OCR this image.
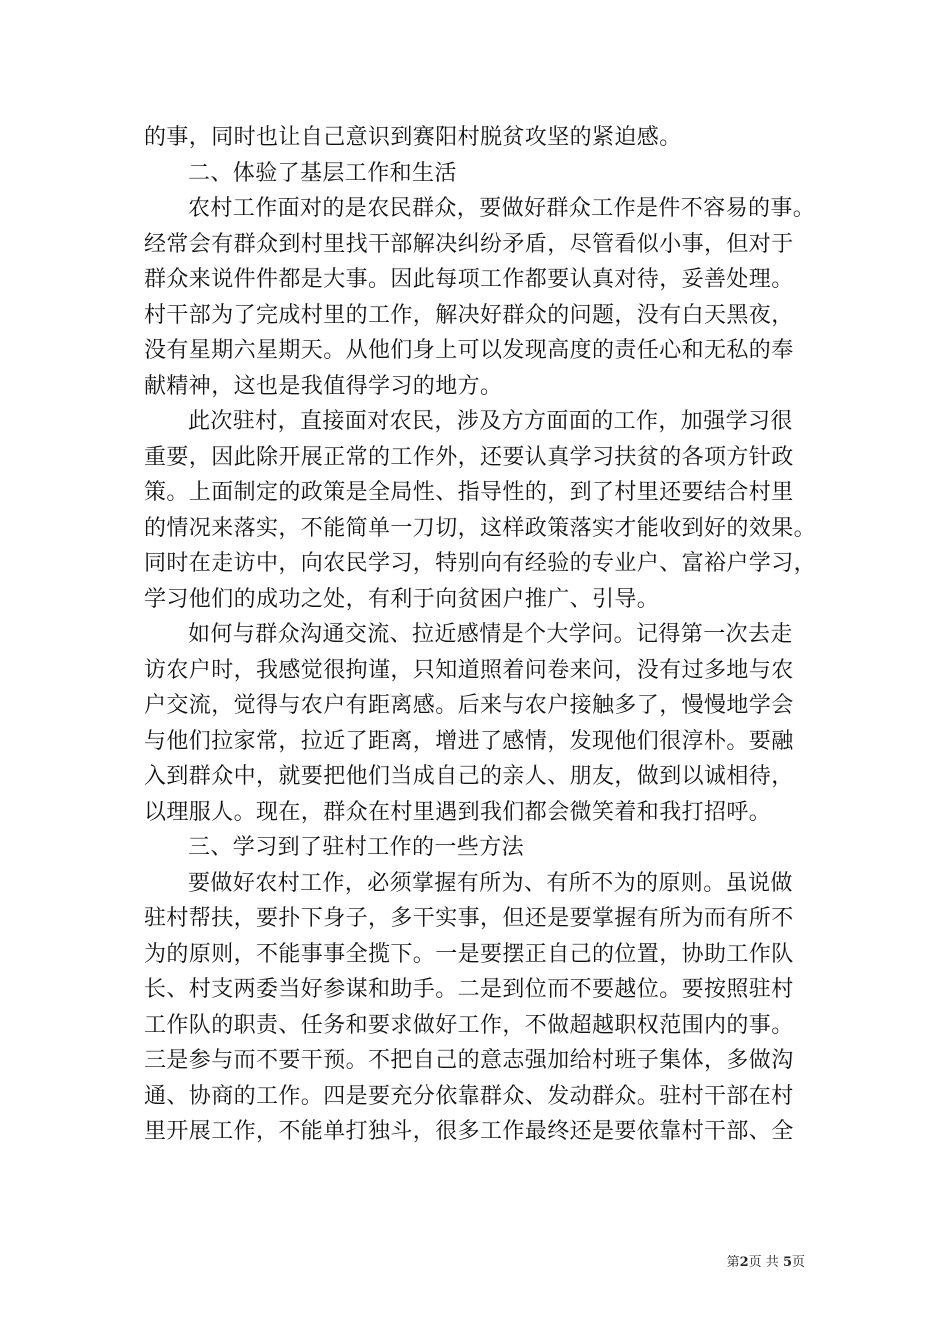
的事，同时也让自己意识到赛阳村脱贫攻坚的紧迫感。
二、体验了基层工作和生活
农村工作面对的是农民群众，要做好群众工作是件不容易的事。
经常会有群众到村里找干部解决纠纷矛盾，尽管看似小事，但对于
群众来说件件都是大事。因此每项工作都要认真对待，妥善处理。
村干部为了完成村里的工作，解决好群众的问题，没有白天黑夜，
没有星期六星期天。从他们身上可以发现高度的责任心和无私的奉
献精神，这也是我值得学习的地方。
此次驻村，直接面对农民，涉及方方面面的工作，加强学习很
重要，因此除开展正常的工作外，还要认真学习扶贫的各项方针政
策。上面制定的政策是全局性、指导性的，到了村里还要结合村里
的情况来落实，不能简单一刀切，这样政策落实才能收到好的效果。
同时在走访中，向农民学习，特别向有经验的专业户、富裕户学习，
学习他们的成功之处，有利于向贫困户推广、引导。
如何与群众沟通交流、拉近感情是个大学问。记得第一次去走
访农户时，我感觉很拘谨，只知道照着问卷来问，没有过多地与农
户交流，觉得与农户有距离感。后来与农户接触多了，慢慢地学会
与他们拉家常，拉近了距离，增进了感情，发现他们很淳朴。要融
入到群众中，就要把他们当成自己的亲人、朋友，做到以诚相待，
以理服人。现在，群众在村里遇到我们都会微笑着和我打招呼。
三、学习到了驻村工作的一些方法
要做好农村工作，必须掌握有所为、有所不为的原则。虽说做
驻村帮扶，要扑下身子，多干实事，但还是要掌握有所为而有所不
为的原则，不能事事全揽下。一是要摆正自己的位置，协助工作队
长、村支两委当好参谋和助手。二是到位而不要越位。要按照驻村
工作队的职责、任务和要求做好工作，不做超越职权范围内的事。
三是参与而不要干预。不把自己的意志强加给村班子集体，多做沟
通、协商的工作。四是要充分依靠群众、发动群众。驻村干部在村
里开展工作，不能单打独斗，很多工作最终还是要依靠村干部、全
第2页 共 5页
